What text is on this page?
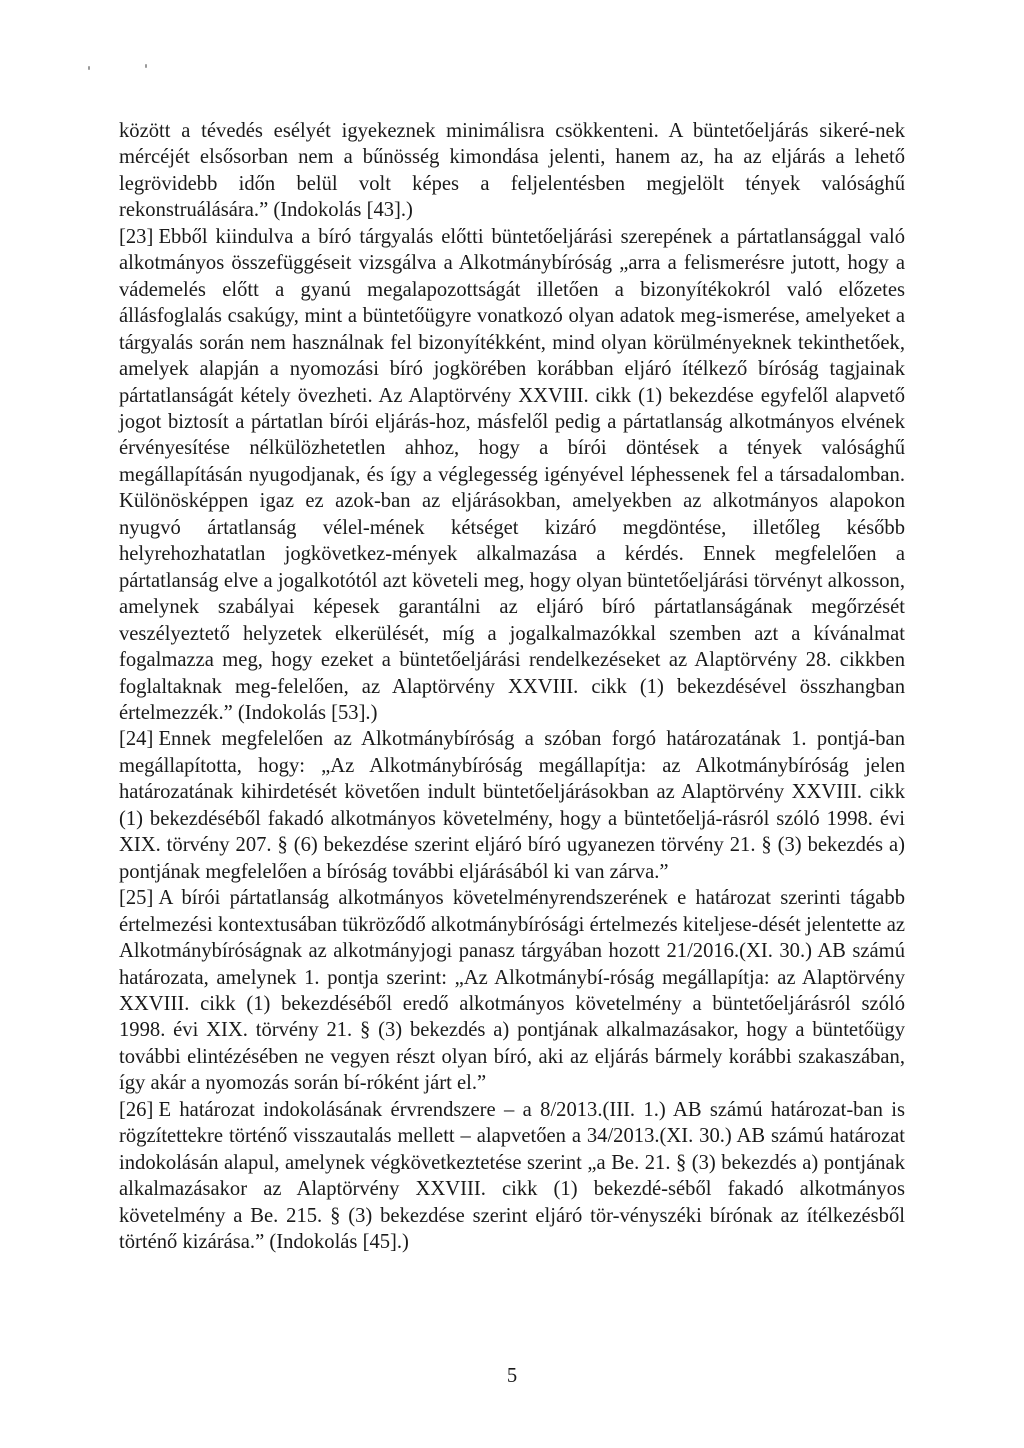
között a tévedés esélyét igyekeznek minimálisra csökkenteni. A büntetőeljárás sikeré-nek mércéjét elsősorban nem a bűnösség kimondása jelenti, hanem az, ha az eljárás a lehető legrövidebb időn belül volt képes a feljelentésben megjelölt tények valósághű rekonstruálására.” (Indokolás [43].)

[23] Ebből kiindulva a bíró tárgyalás előtti büntetőeljárási szerepének a pártatlansággal való alkotmányos összefüggéseit vizsgálva a Alkotmánybíróság „arra a felismerésre jutott, hogy a vádemelés előtt a gyanú megalapozottságát illetően a bizonyítékokról való előzetes állásfoglalás csakúgy, mint a büntetőügyre vonatkozó olyan adatok meg-ismerése, amelyeket a tárgyalás során nem használnak fel bizonyítékként, mind olyan körülményeknek tekinthetőek, amelyek alapján a nyomozási bíró jogkörében korábban eljáró ítélkező bíróság tagjainak pártatlanságát kétely övezheti. Az Alaptörvény XXVIII. cikk (1) bekezdése egyfelől alapvető jogot biztosít a pártatlan bírói eljárás-hoz, másfelől pedig a pártatlanság alkotmányos elvének érvényesítése nélkülözhetetlen ahhoz, hogy a bírói döntések a tények valósághű megállapításán nyugodjanak, és így a véglegesség igényével léphessenek fel a társadalomban. Különösképpen igaz ez azok-ban az eljárásokban, amelyekben az alkotmányos alapokon nyugvó ártatlanság vélel-mének kétséget kizáró megdöntése, illetőleg később helyrehozhatatlan jogkövetkez-mények alkalmazása a kérdés. Ennek megfelelően a pártatlanság elve a jogalkotótól azt követeli meg, hogy olyan büntetőeljárási törvényt alkosson, amelynek szabályai képesek garantálni az eljáró bíró pártatlanságának megőrzését veszélyeztető helyzetek elkerülését, míg a jogalkalmazókkal szemben azt a kívánalmat fogalmazza meg, hogy ezeket a büntetőeljárási rendelkezéseket az Alaptörvény 28. cikkben foglaltaknak meg-felelően, az Alaptörvény XXVIII. cikk (1) bekezdésével összhangban értelmezzék.” (Indokolás [53].)

[24] Ennek megfelelően az Alkotmánybíróság a szóban forgó határozatának 1. pontjá-ban megállapította, hogy: „Az Alkotmánybíróság megállapítja: az Alkotmánybíróság jelen határozatának kihirdetését követően indult büntetőeljárásokban az Alaptörvény XXVIII. cikk (1) bekezdéséből fakadó alkotmányos követelmény, hogy a büntetőeljá-rásról szóló 1998. évi XIX. törvény 207. § (6) bekezdése szerint eljáró bíró ugyanezen törvény 21. § (3) bekezdés a) pontjának megfelelően a bíróság további eljárásából ki van zárva.”

[25] A bírói pártatlanság alkotmányos követelményrendszerének e határozat szerinti tágabb értelmezési kontextusában tükröződő alkotmánybírósági értelmezés kiteljese-dését jelentette az Alkotmánybíróságnak az alkotmányjogi panasz tárgyában hozott 21/2016.(XI. 30.) AB számú határozata, amelynek 1. pontja szerint: „Az Alkotmánybí-róság megállapítja: az Alaptörvény XXVIII. cikk (1) bekezdéséből eredő alkotmányos követelmény a büntetőeljárásról szóló 1998. évi XIX. törvény 21. § (3) bekezdés a) pontjának alkalmazásakor, hogy a büntetőügy további elintézésében ne vegyen részt olyan bíró, aki az eljárás bármely korábbi szakaszában, így akár a nyomozás során bí-róként járt el.”

[26] E határozat indokolásának érvrendszere – a 8/2013.(III. 1.) AB számú határozat-ban is rögzítettekre történő visszautalás mellett – alapvetően a 34/2013.(XI. 30.) AB számú határozat indokolásán alapul, amelynek végkövetkeztetése szerint „a Be. 21. § (3) bekezdés a) pontjának alkalmazásakor az Alaptörvény XXVIII. cikk (1) bekezdé-séből fakadó alkotmányos követelmény a Be. 215. § (3) bekezdése szerint eljáró tör-vényszéki bírónak az ítélkezésből történő kizárása.” (Indokolás [45].)

5
